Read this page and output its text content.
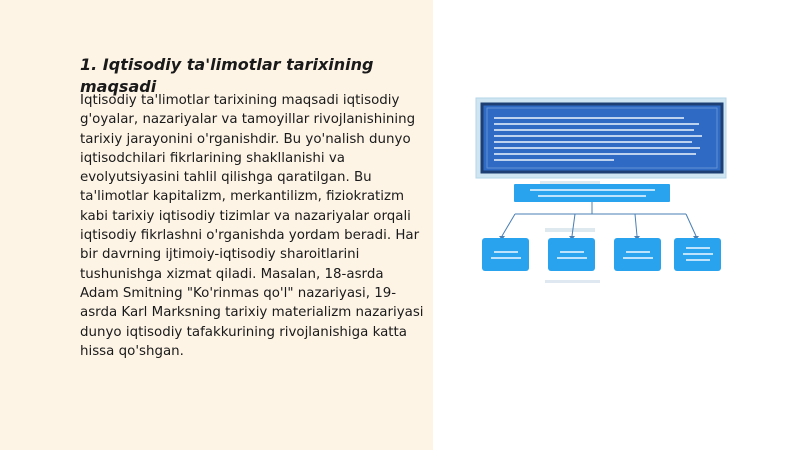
1. Iqtisodiy ta'limotlar tarixining maqsadi

Iqtisodiy ta'limotlar tarixining maqsadi iqtisodiy g'oyalar, nazariyalar va tamoyillar rivojlanishining tarixiy jarayonini o'rganishdir. Bu yo'nalish dunyo iqtisodchilari fikrlarining shakllanishi va evolyutsiyasini tahlil qilishga qaratilgan. Bu ta'limotlar kapitalizm, merkantilizm, fiziokratizm kabi tarixiy iqtisodiy tizimlar va nazariyalar orqali iqtisodiy fikrlashni o'rganishda yordam beradi. Har bir davrning ijtimoiy-iqtisodiy sharoitlarini tushunishga xizmat qiladi. Masalan, 18-asrda Adam Smitning "Ko'rinmas qo'l" nazariyasi, 19-asrda Karl Marksning tarixiy materializm nazariyasi dunyo iqtisodiy tafakkurining rivojlanishiga katta hissa qo'shgan.
